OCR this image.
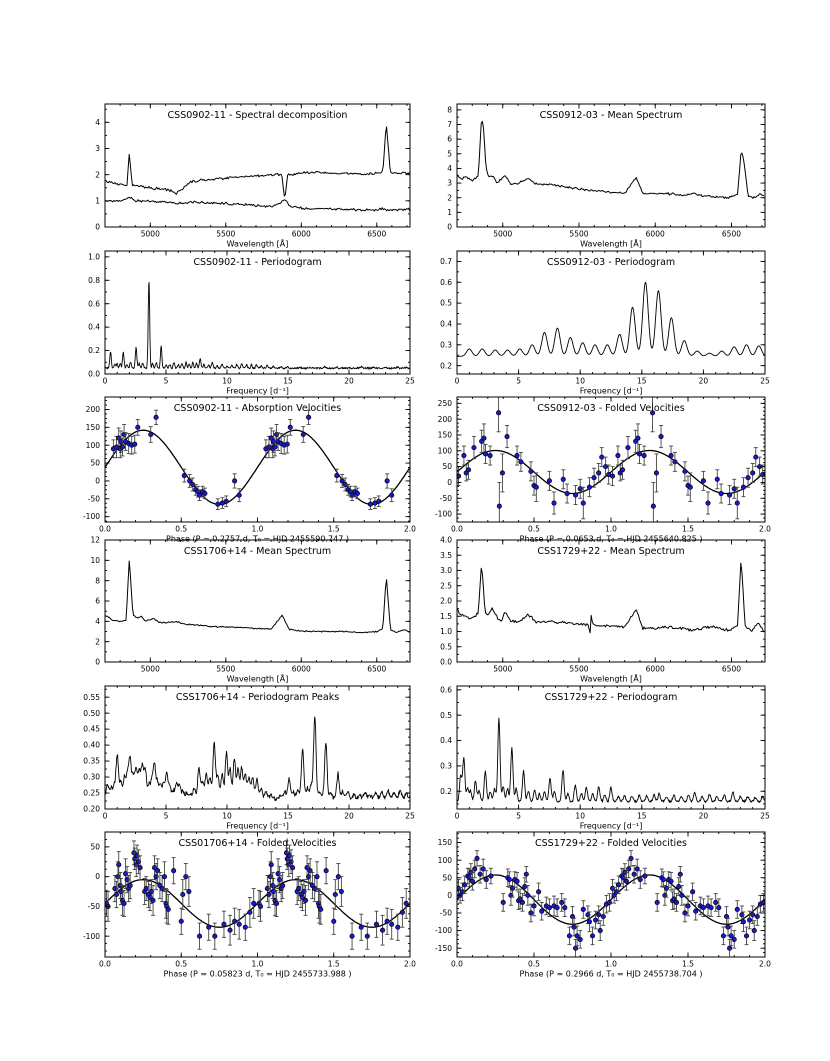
5000	5500	6000	6500
0
1
2
3
4
CSS0902-11 - Spectral decomposition
Wavelength [Å]
5000	5500	6000	6500
0
1
2
3
4
5
6
7
8
CSS0912-03 - Mean Spectrum
Wavelength [Å]
0	5	10	15	20	25
0.0
0.2
0.4
0.6
0.8
1.0
CSS0902-11 - Periodogram
Frequency [d⁻¹]
0	5	10	15	20	25
0.2
0.3
0.4
0.5
0.6
0.7	CSS0912-03 - Periodogram
Frequency [d⁻¹]
0.0	0.5	1.0	1.5	2.0
-100
-50
0
50
100
150
200	CSS0902-11 - Absorption Velocities
Phase (P = 0.2757 d, T₀ = HJD 2455590.747 )
0.0	0.5	1.0	1.5	2.0
-100
-50
0
50
100
150
200
250	CSS0912-03 - Folded Velocities
Phase (P = 0.0653 d, T₀ = HJD 2455640.825 )
5000	5500	6000	6500
0
2
4
6
8
10
12
CSS1706+14 - Mean Spectrum
Wavelength [Å]
5000	5500	6000	6500
0.0
0.5
1.0
1.5
2.0
2.5
3.0
3.5
4.0
CSS1729+22 - Mean Spectrum
Wavelength [Å]
0	5	10	15	20	25
0.20
0.25
0.30
0.35
0.40
0.45
0.50
0.55	CSS1706+14 - Periodogram Peaks
Frequency [d⁻¹]
0	5	10	15	20	25
0.2
0.3
0.4
0.5
0.6
CSS1729+22 - Periodogram
Frequency [d⁻¹]
0.0	0.5	1.0	1.5	2.0
-100
-50
0
50	CSS01706+14 - Folded Velocities
Phase (P = 0.05823 d, T₀ = HJD 2455733.988 )
0.0	0.5	1.0	1.5	2.0
-150
-100
-50
0
50
100
150	CSS1729+22 - Folded Velocities
Phase (P = 0.2966 d, T₀ = HJD 2455738.704 )
